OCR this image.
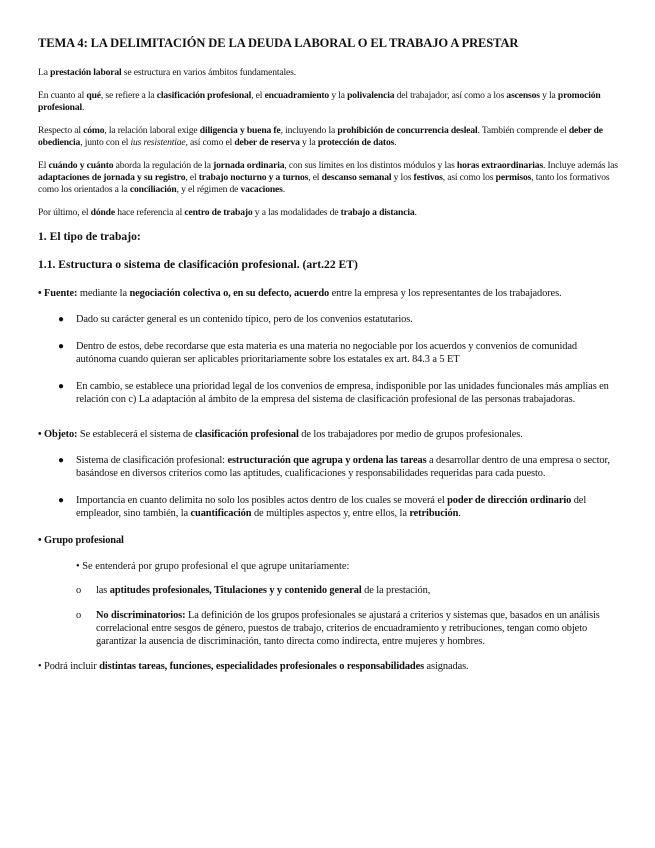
TEMA 4: LA DELIMITACIÓN DE LA DEUDA LABORAL O EL TRABAJO A PRESTAR

La prestación laboral se estructura en varios ámbitos fundamentales.

En cuanto al qué, se refiere a la clasificación profesional, el encuadramiento y la polivalencia del trabajador, así como a los ascensos y la promoción profesional.

Respecto al cómo, la relación laboral exige diligencia y buena fe, incluyendo la prohibición de concurrencia desleal. También comprende el deber de obediencia, junto con el ius resistentiae, así como el deber de reserva y la protección de datos.

El cuándo y cuánto aborda la regulación de la jornada ordinaria, con sus límites en los distintos módulos y las horas extraordinarias. Incluye además las adaptaciones de jornada y su registro, el trabajo nocturno y a turnos, el descanso semanal y los festivos, así como los permisos, tanto los formativos como los orientados a la conciliación, y el régimen de vacaciones.

Por último, el dónde hace referencia al centro de trabajo y a las modalidades de trabajo a distancia.

1. El tipo de trabajo:
1.1. Estructura o sistema de clasificación profesional. (art.22 ET)

• Fuente: mediante la negociación colectiva o, en su defecto, acuerdo entre la empresa y los representantes de los trabajadores.

● Dado su carácter general es un contenido típico, pero de los convenios estatutarios.
● Dentro de estos, debe recordarse que esta materia es una materia no negociable por los acuerdos y convenios de comunidad autónoma cuando quieran ser aplicables prioritariamente sobre los estatales ex art. 84.3 a 5 ET
● En cambio, se establece una prioridad legal de los convenios de empresa, indisponible por las unidades funcionales más amplias en relación con c) La adaptación al ámbito de la empresa del sistema de clasificación profesional de las personas trabajadoras.

• Objeto: Se establecerá el sistema de clasificación profesional de los trabajadores por medio de grupos profesionales.

● Sistema de clasificación profesional: estructuración que agrupa y ordena las tareas a desarrollar dentro de una empresa o sector, basándose en diversos criterios como las aptitudes, cualificaciones y responsabilidades requeridas para cada puesto.
● Importancia en cuanto delimita no solo los posibles actos dentro de los cuales se moverá el poder de dirección ordinario del empleador, sino también, la cuantificación de múltiples aspectos y, entre ellos, la retribución.

• Grupo profesional

• Se entenderá por grupo profesional el que agrupe unitariamente:

o las aptitudes profesionales, Titulaciones y y contenido general de la prestación,
o No discriminatorios: La definición de los grupos profesionales se ajustará a criterios y sistemas que, basados en un análisis correlacional entre sesgos de género, puestos de trabajo, criterios de encuadramiento y retribuciones, tengan como objeto garantizar la ausencia de discriminación, tanto directa como indirecta, entre mujeres y hombres.

• Podrá incluir distintas tareas, funciones, especialidades profesionales o responsabilidades asignadas.
